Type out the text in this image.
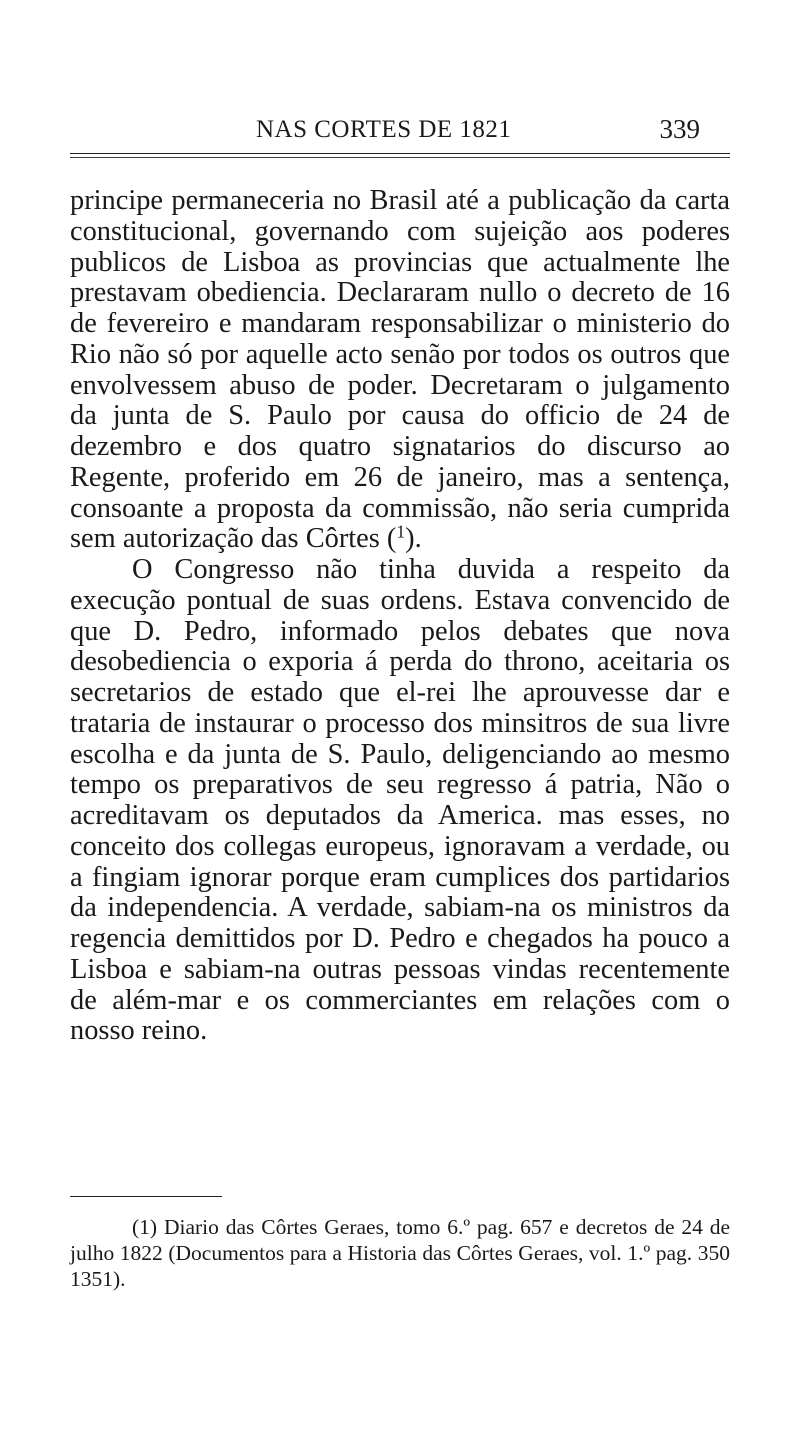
NAS CORTES DE 1821	339

principe permaneceria no Brasil até a publicação da carta constitucional, governando com sujeição aos poderes publicos de Lisboa as provincias que actualmente lhe prestavam obediencia. Declararam nullo o decreto de 16 de fevereiro e mandaram responsabilizar o ministerio do Rio não só por aquelle acto senão por todos os outros que envolvessem abuso de poder. Decretaram o julgamento da junta de S. Paulo por causa do officio de 24 de dezembro e dos quatro signatarios do discurso ao Regente, proferido em 26 de janeiro, mas a sentença, consoante a proposta da commissão, não seria cumprida sem autorização das Côrtes ($^1$).

O Congresso não tinha duvida a respeito da execução pontual de suas ordens. Estava convencido de que D. Pedro, informado pelos debates que nova desobediencia o exporia á perda do throno, aceitaria os secretarios de estado que el-rei lhe aprouvesse dar e trataria de instaurar o processo dos minsitros de sua livre escolha e da junta de S. Paulo, deligenciando ao mesmo tempo os preparativos de seu regresso á patria, Não o acreditavam os deputados da America. mas esses, no conceito dos collegas europeus, ignoravam a verdade, ou a fingiam ignorar porque eram cumplices dos partidarios da independencia. A verdade, sabiam-na os ministros da regencia demittidos por D. Pedro e chegados ha pouco a Lisboa e sabiam-na outras pessoas vindas recentemente de além-mar e os commerciantes em relações com o nosso reino.

(1) Diario das Côrtes Geraes, tomo 6.º pag. 657 e decretos de 24 de julho 1822 (Documentos para a Historia das Côrtes Geraes, vol. 1.º pag. 350 1351).
